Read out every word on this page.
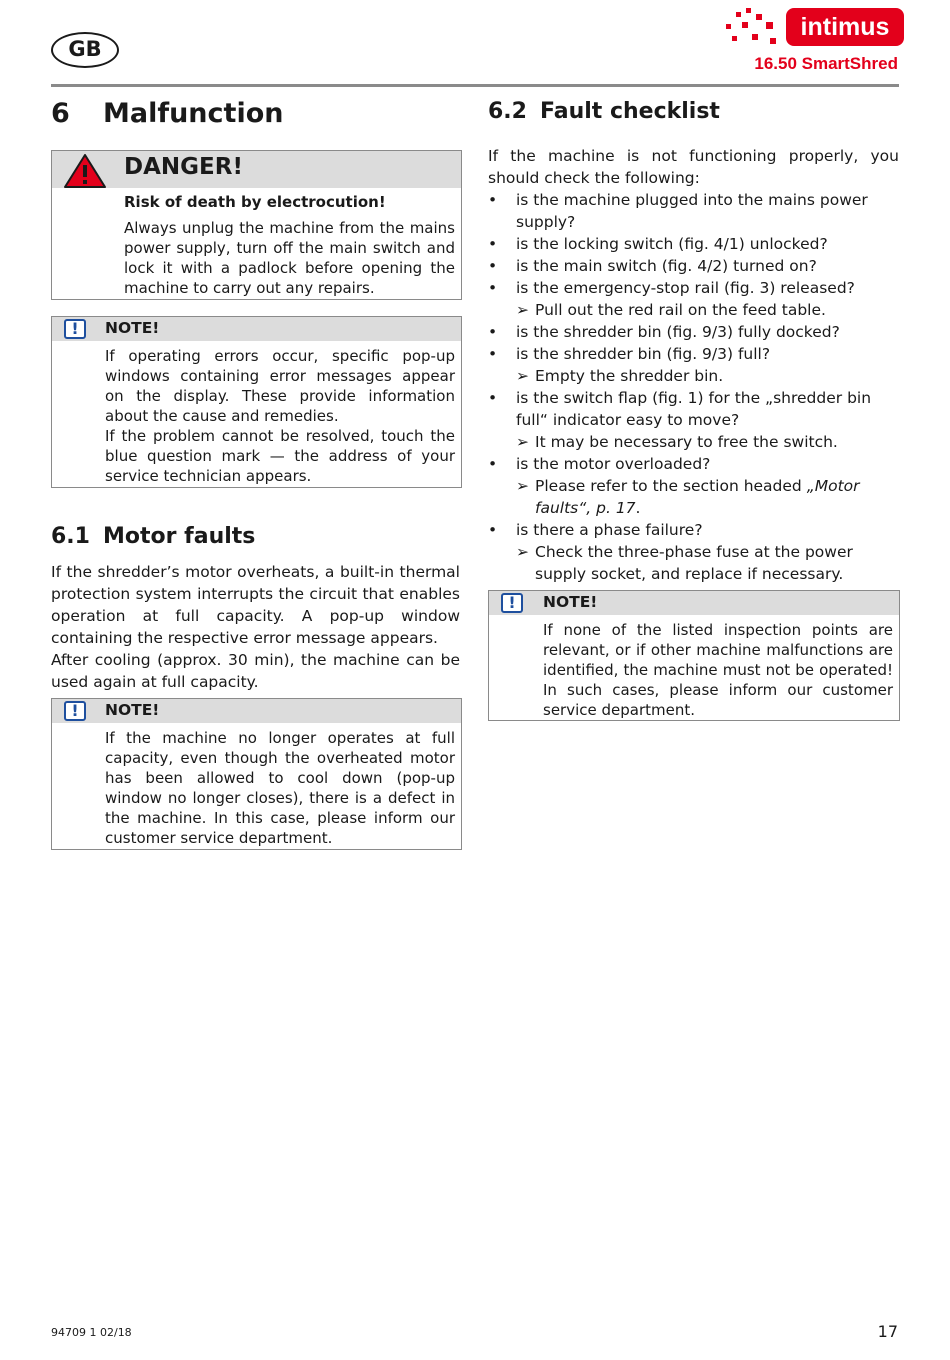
GB
intimus
16.50 SmartShred
6 Malfunction
DANGER!
Risk of death by electrocution!
Always unplug the machine from the mains power supply, turn off the main switch and lock it with a padlock before opening the machine to carry out any repairs.
!	NOTE!
If operating errors occur, specific pop-up windows containing error messages appear on the display. These provide information about the cause and remedies.
If the problem cannot be resolved, touch the blue question mark — the address of your service technician appears.
6.1 Motor faults
If the shredder’s motor overheats, a built-in thermal protection system interrupts the circuit that enables operation at full capacity. A pop-up window containing the respective error message appears.
After cooling (approx. 30 min), the machine can be used again at full capacity.
!	NOTE!
If the machine no longer operates at full capacity, even though the overheated motor has been allowed to cool down (pop-up window no longer closes), there is a defect in the machine. In this case, please inform our customer service department.
6.2 Fault checklist
If the machine is not functioning properly, you should check the following:
• is the machine plugged into the mains power supply?
• is the locking switch (fig. 4/1) unlocked?
• is the main switch (fig. 4/2) turned on?
• is the emergency-stop rail (fig. 3) released?
➢ Pull out the red rail on the feed table.
• is the shredder bin (fig. 9/3) fully docked?
• is the shredder bin (fig. 9/3) full?
➢ Empty the shredder bin.
• is the switch flap (fig. 1) for the „shredder bin full“ indicator easy to move?
➢ It may be necessary to free the switch.
• is the motor overloaded?
➢ Please refer to the section headed „Motor faults“, p. 17.
• is there a phase failure?
➢ Check the three-phase fuse at the power supply socket, and replace if necessary.
!	NOTE!
If none of the listed inspection points are relevant, or if other machine malfunctions are identified, the machine must not be operated! In such cases, please inform our customer service department.
94709 1 02/18	17
